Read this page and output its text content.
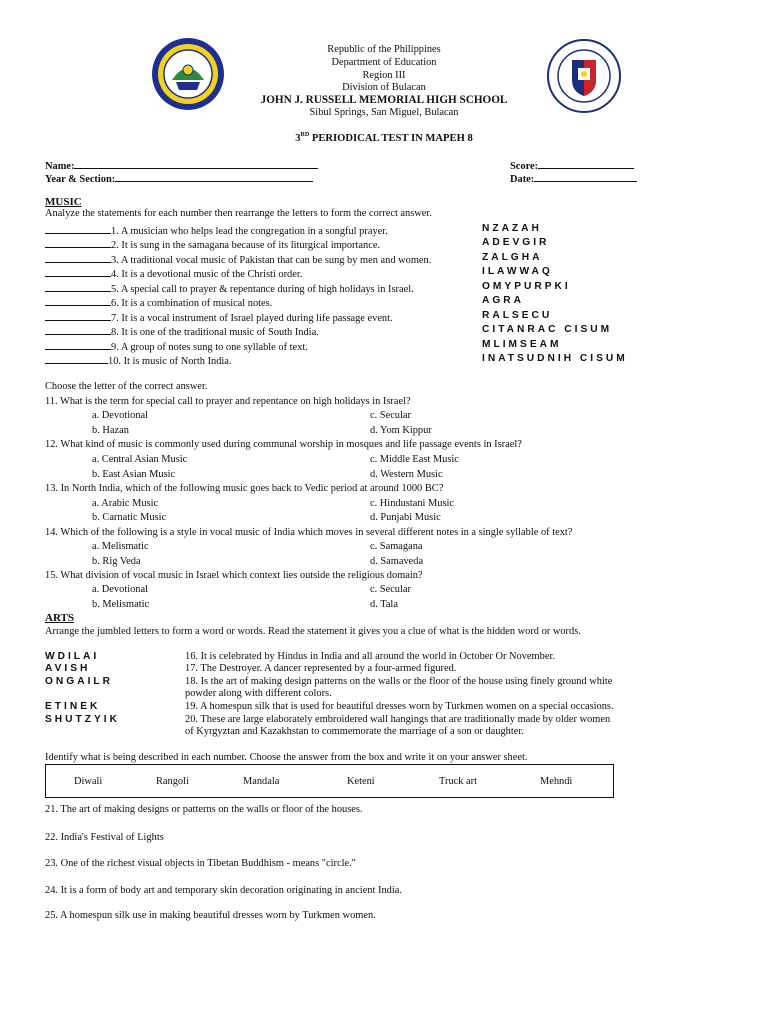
Republic of the Philippines
Department of Education
Region III
Division of Bulacan
JOHN J. RUSSELL MEMORIAL HIGH SCHOOL
Sibul Springs, San Miguel, Bulacan
3RD PERIODICAL TEST IN MAPEH 8
Name:
Year & Section:
Score:
Date:
MUSIC
Analyze the statements for each number then rearrange the letters to form the correct answer.
1. A musician who helps lead the congregation in a songful prayer.	NZAZAH
2. It is sung in the samagana because of its liturgical importance.	ADEVGIR
3. A traditional vocal music of Pakistan that can be sung by men and women.	ZALGHA
4. It is a devotional music of the Christi order.	ILAWWAQ
5. A special call to prayer & repentance during of high holidays in Israel.	OMYPURPKI
6. It is a combination of musical notes.	AGRA
7. It is a vocal instrument of Israel played during life passage event.	RALSECU
8. It is one of the traditional music of South India.	CITANRAC CISUM
9. A group of notes sung to one syllable of text.	MLIMSEAM
10. It is music of North India.	INATSUDNIH CISUM
Choose the letter of the correct answer.
11. What is the term for special call to prayer and repentance on high holidays in Israel?
a. Devotional	c. Secular
b. Hazan	d. Yom Kippur
12. What kind of music is commonly used during communal worship in mosques and life passage events in Israel?
a. Central Asian Music	c. Middle East Music
b. East Asian Music	d. Western Music
13. In North India, which of the following music goes back to Vedic period at around 1000 BC?
a. Arabic Music	c. Hindustani Music
b. Carnatic Music	d. Punjabi Music
14. Which of the following is a style in vocal music of India which moves in several different notes in a single syllable of text?
a. Melismatic	c. Samagana
b. Rig Veda	d. Samaveda
15. What division of vocal music in Israel which context lies outside the religious domain?
a. Devotional	c. Secular
b. Melismatic	d. Tala
ARTS
Arrange the jumbled letters to form a word or words. Read the statement it gives you a clue of what is the hidden word or words.
WDILAI	16. It is celebrated by Hindus in India and all around the world in October Or November.
AVISH	17. The Destroyer. A dancer represented by a four-armed figured.
ONGAILR	18. Is the art of making design patterns on the walls or the floor of the house using finely ground white
powder along with different colors.
ETINEK	19. A homespun silk that is used for beautiful dresses worn by Turkmen women on a special occasions.
SHUTZYIK	20. These are large elaborately embroidered wall hangings that are traditionally made by older women
of Kyrgyztan and Kazakhstan to commemorate the marriage of a son or daughter.
Identify what is being described in each number. Choose the answer from the box and write it on your answer sheet.
Diwali	Rangoli	Mandala	Keteni	Truck art	Mehndi
21. The art of making designs or patterns on the walls or floor of the houses.
22. India's Festival of Lights
23. One of the richest visual objects in Tibetan Buddhism - means "circle."
24. It is a form of body art and temporary skin decoration originating in ancient India.
25. A homespun silk use in making beautiful dresses worn by Turkmen women.
